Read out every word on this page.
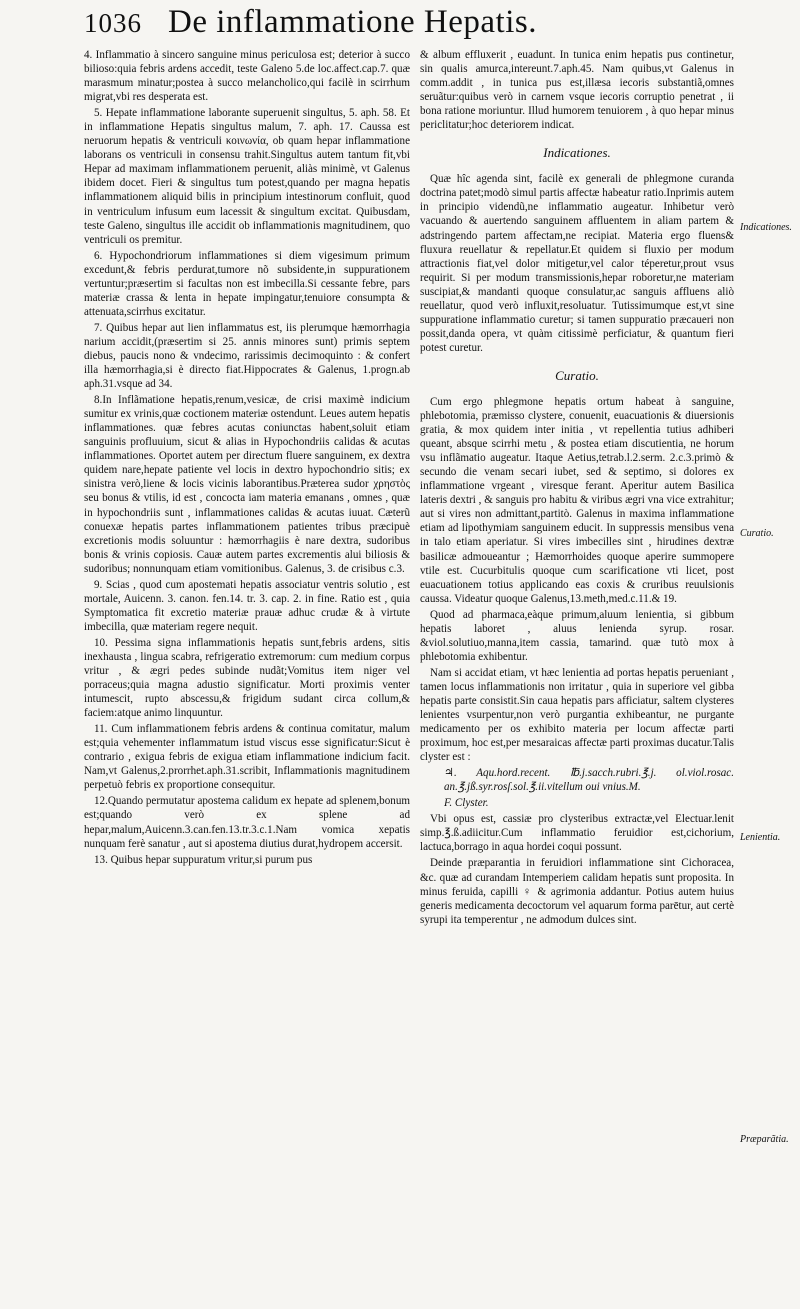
1036 De inflammatione Hepatis.

4. Inflammatio à sincero sanguine minus periculosa est; deterior à succo bilioso:quia febris ardens accedit, teste Galeno 5.de loc.affect.cap.7. quæ marasmum minatur;postea à succo melancholico,qui facilè in scirrhum migrat,vbi res desperata est.

5. Hepate inflammatione laborante superuenit singultus, 5. aph. 58. Et in inflammatione Hepatis singultus malum, 7. aph. 17. Caussa est neruorum hepatis & ventriculi κοινωνία, ob quam hepar inflammatione laborans os ventriculi in consensu trahit.Singultus autem tantum fit,vbi Hepar ad maximam inflammationem peruenit, aliàs minimè, vt Galenus ibidem docet. Fieri & singultus tum potest,quando per magna hepatis inflammationem aliquid bilis in principium intestinorum confluit, quod in ventriculum infusum eum lacessit & singultum excitat. Quibusdam, teste Galeno, singultus ille accidit ob inflammationis magnitudinem, quo ventriculi os premitur.

6. Hypochondriorum inflammationes si diem vigesimum primum excedunt,& febris perdurat,tumore nõ subsidente,in suppurationem vertuntur;præsertim si facultas non est imbecilla.Si cessante febre, pars materiæ crassa & lenta in hepate impingatur,tenuiore consumpta & attenuata,scirrhus excitatur.

7. Quibus hepar aut lien inflammatus est, iis plerumque hæmorrhagia narium accidit,(præsertim si 25. annis minores sunt) primis septem diebus, paucis nono & vndecimo, rarissimis decimoquinto : & confert illa hæmorrhagia,si è directo fiat.Hippocrates & Galenus, 1.progn.ab aph.31.vsque ad 34.

8.In Inflãmatione hepatis,renum,vesicæ, de crisi maximè indicium sumitur ex vrinis,quæ coctionem materiæ ostendunt. Leues autem hepatis inflammationes. quæ febres acutas coniunctas habent,soluit etiam sanguinis profluuium, sicut & alias in Hypochondriis calidas & acutas inflammationes. Oportet autem per directum fluere sanguinem, ex dextra quidem nare,hepate patiente vel locis in dextro hypochondrio sitis; ex sinistra verò,liene & locis vicinis laborantibus.Præterea sudor χρηστὸς seu bonus & vtilis, id est , concocta iam materia emanans , omnes , quæ in hypochondriis sunt , inflammationes calidas & acutas iuuat. Cæterũ conuexæ hepatis partes inflammationem patientes tribus præcipuè excretionis modis soluuntur : hæmorrhagiis è nare dextra, sudoribus bonis & vrinis copiosis. Cauæ autem partes excrementis alui biliosis & sudoribus; nonnunquam etiam vomitionibus. Galenus, 3. de crisibus c.3.

9. Scias , quod cum apostemati hepatis associatur ventris solutio , est mortale, Auicenn. 3. canon. fen.14. tr. 3. cap. 2. in fine. Ratio est , quia Symptomatica fit excretio materiæ prauæ adhuc crudæ & à virtute imbecilla, quæ materiam regere nequit.

10. Pessima signa inflammationis hepatis sunt,febris ardens, sitis inexhausta , lingua scabra, refrigeratio extremorum: cum medium corpus vritur , & ægri pedes subinde nudãt;Vomitus item niger vel porraceus;quia magna adustio significatur. Morti proximis venter intumescit, rupto abscessu,& frigidum sudant circa collum,& faciem:atque animo linquuntur.

11. Cum inflammationem febris ardens & continua comitatur, malum est;quia vehementer inflammatum istud viscus esse significatur:Sicut è contrario , exigua febris de exigua etiam inflammatione indicium facit. Nam,vt Galenus,2.prorrhet.aph.31.scribit, Inflammationis magnitudinem perpetuò febris ex proportione consequitur.

12.Quando permutatur apostema calidum ex hepate ad splenem,bonum est;quando verò ex splene ad hepar,malum,Auicenn.3.can.fen.13.tr.3.c.1.Nam vomica xepatis nunquam ferè sanatur , aut si apostema diutius durat,hydropem accersit.

13. Quibus hepar suppuratum vritur,si purum pus

& album effluxerit , euadunt. In tunica enim hepatis pus continetur, sin qualis amurca,intereunt.7.aph.45. Nam quibus,vt Galenus in comm.addit , in tunica pus est,illæsa iecoris substantiã,omnes seruãtur:quibus verò in carnem vsque iecoris corruptio penetrat , ii bona ratione moriuntur. Illud humorem tenuiorem , à quo hepar minus periclitatur;hoc deteriorem indicat.

Indicationes.

Quæ hîc agenda sint, facilè ex generali de phlegmone curanda doctrina patet;modò simul partis affectæ habeatur ratio.Inprimis autem in principio videndũ,ne inflammatio augeatur. Inhibetur verò vacuando & auertendo sanguinem affluentem in aliam partem & adstringendo partem affectam,ne recipiat. Materia ergo fluens& fluxura reuellatur & repellatur.Et quidem si fluxio per modum attractionis fiat,vel dolor mitigetur,vel calor téperetur,prout vsus requirit. Si per modum transmissionis,hepar roboretur,ne materiam suscipiat,& mandanti quoque consulatur,ac sanguis affluens aliò reuellatur, quod verò influxit,resoluatur. Tutissimumque est,vt sine suppuratione inflammatio curetur; si tamen suppuratio præcaueri non possit,danda opera, vt quàm citissimè perficiatur, & quantum fieri potest curetur.

Curatio.

Cum ergo phlegmone hepatis ortum habeat à sanguine, phlebotomia, præmisso clystere, conuenit, euacuationis & diuersionis gratia, & mox quidem inter initia , vt repellentia tutius adhiberi queant, absque scirrhi metu , & postea etiam discutientia, ne horum vsu inflãmatio augeatur. Itaque Aetius,tetrab.l.2.serm. 2.c.3.primò & secundo die venam secari iubet, sed & septimo, si dolores ex inflammatione vrgeant , viresque ferant. Aperitur autem Basilica lateris dextri , & sanguis pro habitu & viribus ægri vna vice extrahitur; aut si vires non admittant,partitò. Galenus in maxima inflammatione etiam ad lipothymiam sanguinem educit. In suppressis mensibus vena in talo etiam aperiatur. Si vires imbecilles sint , hirudines dextræ basilicæ admoueantur ; Hæmorrhoides quoque aperire summopere vtile est. Cucurbitulis quoque cum scarificatione vti licet, post euacuationem totius applicando eas coxis & cruribus reuulsionis caussa. Videatur quoque Galenus,13.meth,med.c.11.& 19.

Quod ad pharmaca,eàque primum,aluum lenientia, si gibbum hepatis laboret , aluus lenienda syrup. rosar. &viol.solutiuo,manna,item cassia, tamarind. quæ tutò mox à phlebotomia exhibentur.

Nam si accidat etiam, vt hæc lenientia ad portas hepatis perueniant , tamen locus inflammationis non irritatur , quia in superiore vel gibba hepatis parte consistit.Sin caua hepatis pars afficiatur, saltem clysteres lenientes vsurpentur,non verò purgantia exhibeantur, ne purgante medicamento per os exhibito materia per locum affectæ parti proximum, hoc est,per mesaraicas affectæ parti proximas ducatur.Talis clyster est :

♃. Aqu.hord.recent. ℔.j.sacch.rubri.℥.j. ol.viol.rosac. an.℥.jß.syr.rosſ.sol.℥.ii.vitellum oui vnius.M.

F. Clyster.

Vbi opus est, cassiæ pro clysteribus extractæ,vel Electuar.lenit simp.℥.ß.adiicitur.Cum inflammatio feruidior est,cichorium, lactuca,borrago in aqua hordei coqui possunt.

Deinde præparantia in feruidiori inflammatione sint Cichoracea, &c. quæ ad curandam Intemperiem calidam hepatis sunt proposita. In minus feruida, capilli ♀ & agrimonia addantur. Potius autem huius generis medicamenta decoctorum vel aquarum forma parētur, aut certè syrupi ita temperentur , ne admodum dulces sint.

Indicationes.
Curatio.
Lenientia.
Præparãtia.
